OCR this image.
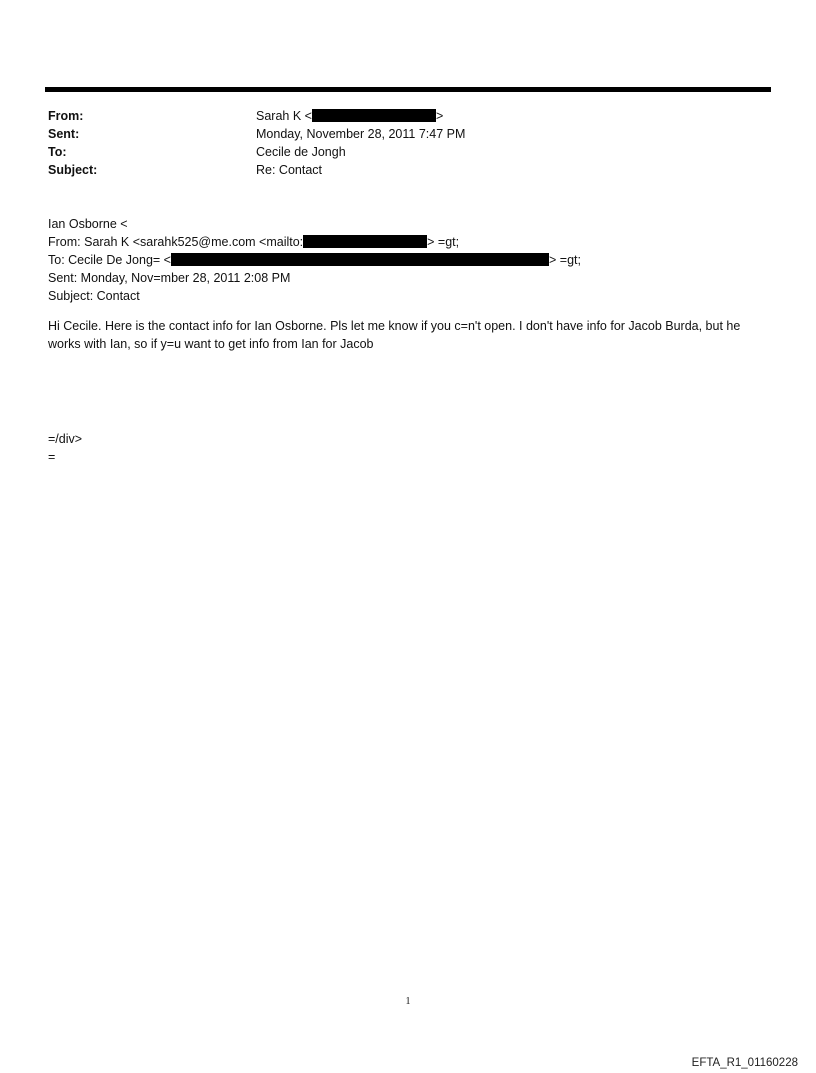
From:	Sarah K <	>
Sent:	Monday, November 28, 2011 7:47 PM
To:	Cecile de Jongh
Subject:	Re: Contact
Ian Osborne <
From: Sarah K <sarahk525@me.com <mailto:	> =gt;
To: Cecile De Jong= <	> =gt;
Sent: Monday, Nov=mber 28, 2011 2:08 PM
Subject: Contact
Hi Cecile. Here is the contact info for Ian Osborne. Pls let me know if you c=n't open. I don't have info for Jacob Burda, but he works with Ian, so if y=u want to get info from Ian for Jacob
=/div>
=
1
EFTA_R1_01160228
